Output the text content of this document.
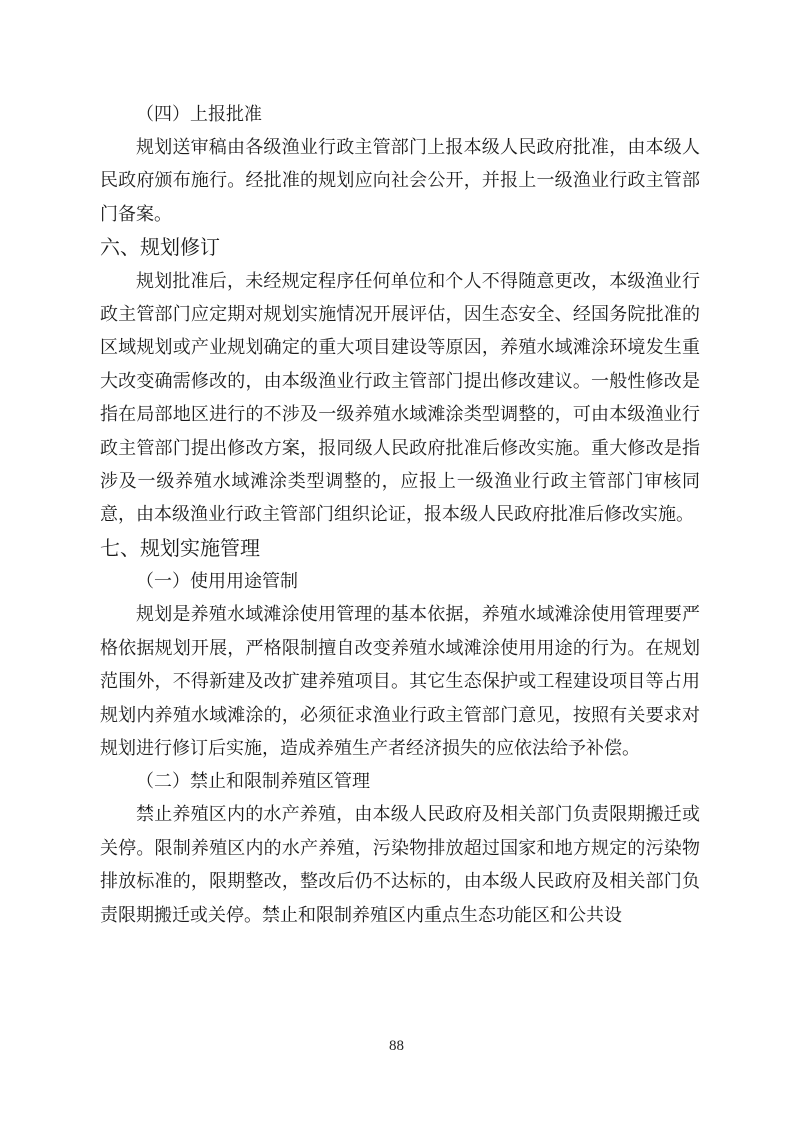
（四）上报批准

规划送审稿由各级渔业行政主管部门上报本级人民政府批准，由本级人民政府颁布施行。经批准的规划应向社会公开，并报上一级渔业行政主管部门备案。

六、规划修订

规划批准后，未经规定程序任何单位和个人不得随意更改，本级渔业行政主管部门应定期对规划实施情况开展评估，因生态安全、经国务院批准的区域规划或产业规划确定的重大项目建设等原因，养殖水域滩涂环境发生重大改变确需修改的，由本级渔业行政主管部门提出修改建议。一般性修改是指在局部地区进行的不涉及一级养殖水域滩涂类型调整的，可由本级渔业行政主管部门提出修改方案，报同级人民政府批准后修改实施。重大修改是指涉及一级养殖水域滩涂类型调整的，应报上一级渔业行政主管部门审核同意，由本级渔业行政主管部门组织论证，报本级人民政府批准后修改实施。

七、规划实施管理

（一）使用用途管制

规划是养殖水域滩涂使用管理的基本依据，养殖水域滩涂使用管理要严格依据规划开展，严格限制擅自改变养殖水域滩涂使用用途的行为。在规划范围外，不得新建及改扩建养殖项目。其它生态保护或工程建设项目等占用规划内养殖水域滩涂的，必须征求渔业行政主管部门意见，按照有关要求对规划进行修订后实施，造成养殖生产者经济损失的应依法给予补偿。

（二）禁止和限制养殖区管理

禁止养殖区内的水产养殖，由本级人民政府及相关部门负责限期搬迁或关停。限制养殖区内的水产养殖，污染物排放超过国家和地方规定的污染物排放标准的，限期整改，整改后仍不达标的，由本级人民政府及相关部门负责限期搬迁或关停。禁止和限制养殖区内重点生态功能区和公共设

88
